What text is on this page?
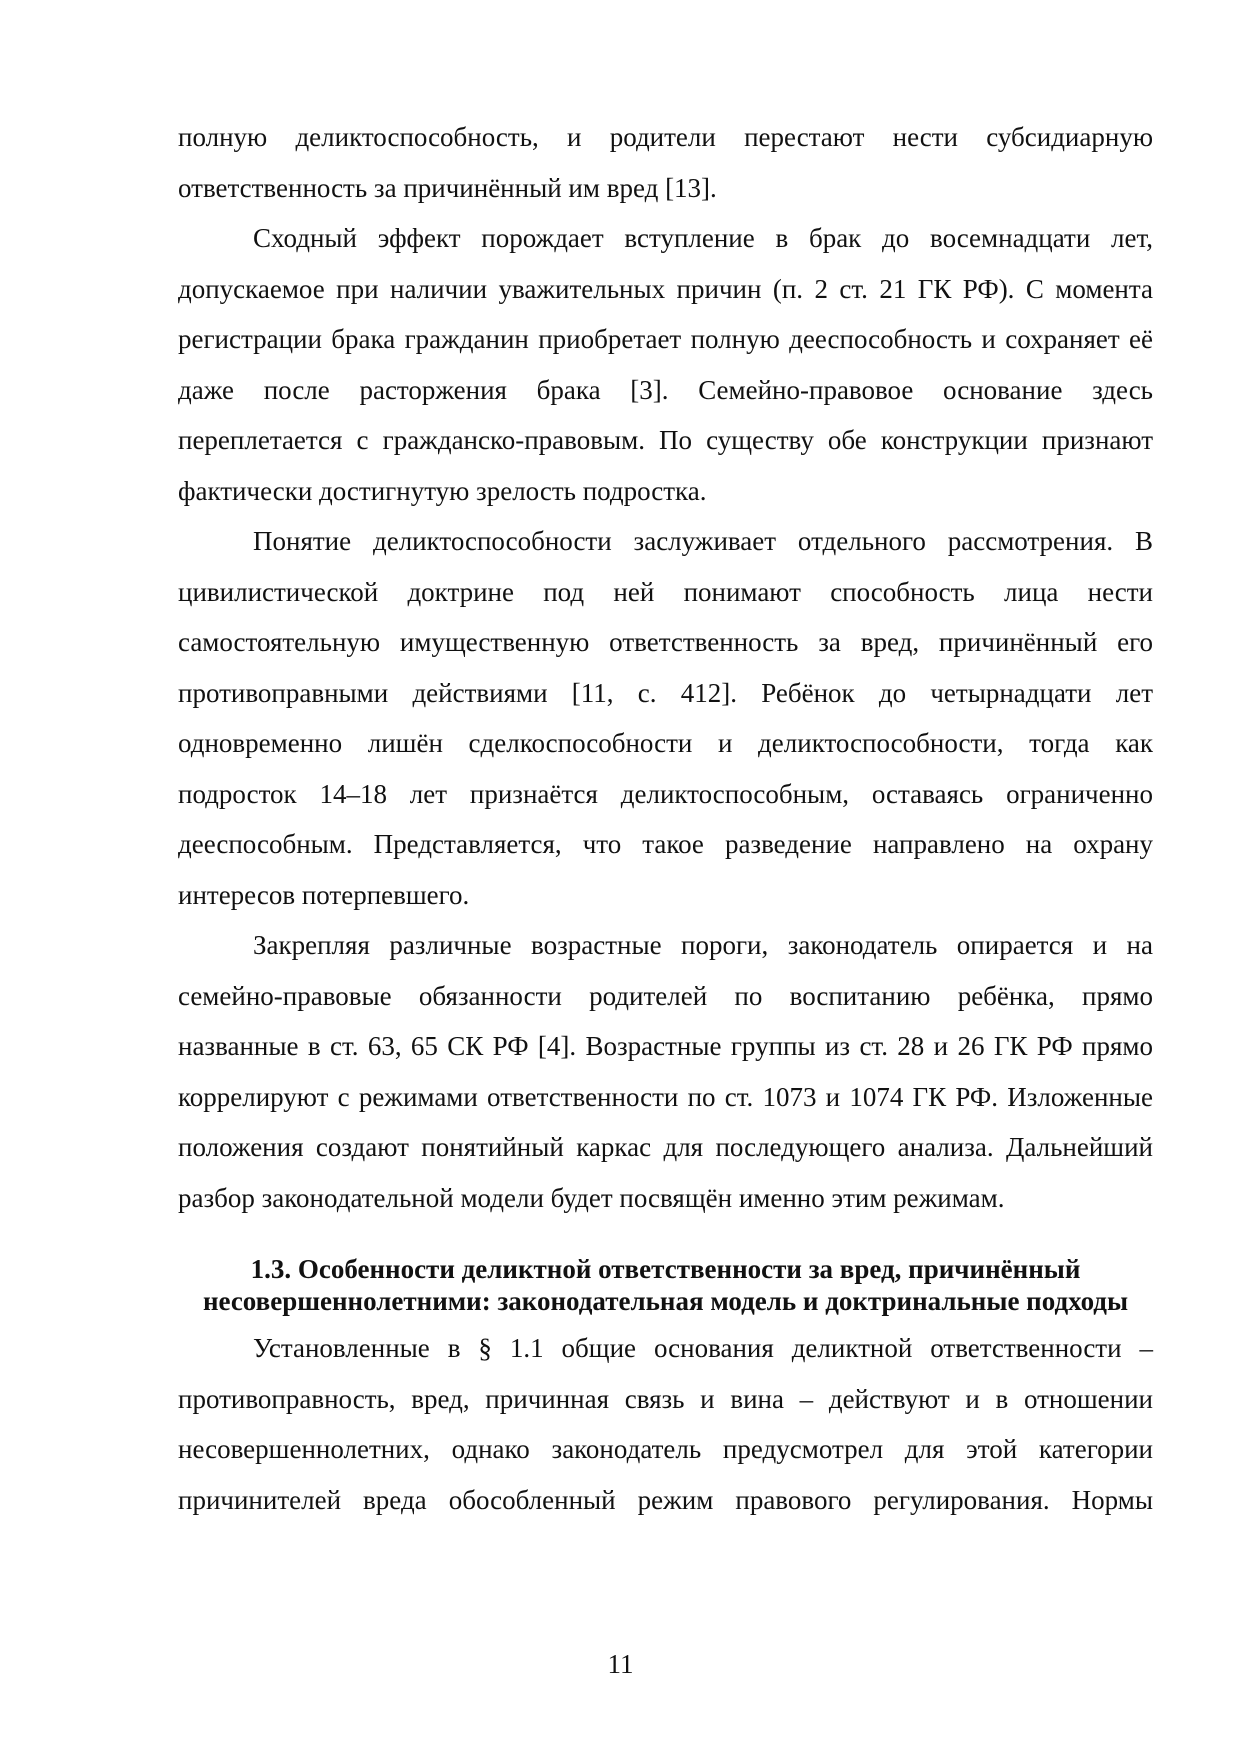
полную деликтоспособность, и родители перестают нести субсидиарную ответственность за причинённый им вред [13].

Сходный эффект порождает вступление в брак до восемнадцати лет, допускаемое при наличии уважительных причин (п. 2 ст. 21 ГК РФ). С момента регистрации брака гражданин приобретает полную дееспособность и сохраняет её даже после расторжения брака [3]. Семейно-правовое основание здесь переплетается с гражданско-правовым. По существу обе конструкции признают фактически достигнутую зрелость подростка.

Понятие деликтоспособности заслуживает отдельного рассмотрения. В цивилистической доктрине под ней понимают способность лица нести самостоятельную имущественную ответственность за вред, причинённый его противоправными действиями [11, с. 412]. Ребёнок до четырнадцати лет одновременно лишён сделкоспособности и деликтоспособности, тогда как подросток 14–18 лет признаётся деликтоспособным, оставаясь ограниченно дееспособным. Представляется, что такое разведение направлено на охрану интересов потерпевшего.

Закрепляя различные возрастные пороги, законодатель опирается и на семейно-правовые обязанности родителей по воспитанию ребёнка, прямо названные в ст. 63, 65 СК РФ [4]. Возрастные группы из ст. 28 и 26 ГК РФ прямо коррелируют с режимами ответственности по ст. 1073 и 1074 ГК РФ. Изложенные положения создают понятийный каркас для последующего анализа. Дальнейший разбор законодательной модели будет посвящён именно этим режимам.

1.3. Особенности деликтной ответственности за вред, причинённый несовершеннолетними: законодательная модель и доктринальные подходы

Установленные в § 1.1 общие основания деликтной ответственности – противоправность, вред, причинная связь и вина – действуют и в отношении несовершеннолетних, однако законодатель предусмотрел для этой категории причинителей вреда обособленный режим правового регулирования. Нормы

11
